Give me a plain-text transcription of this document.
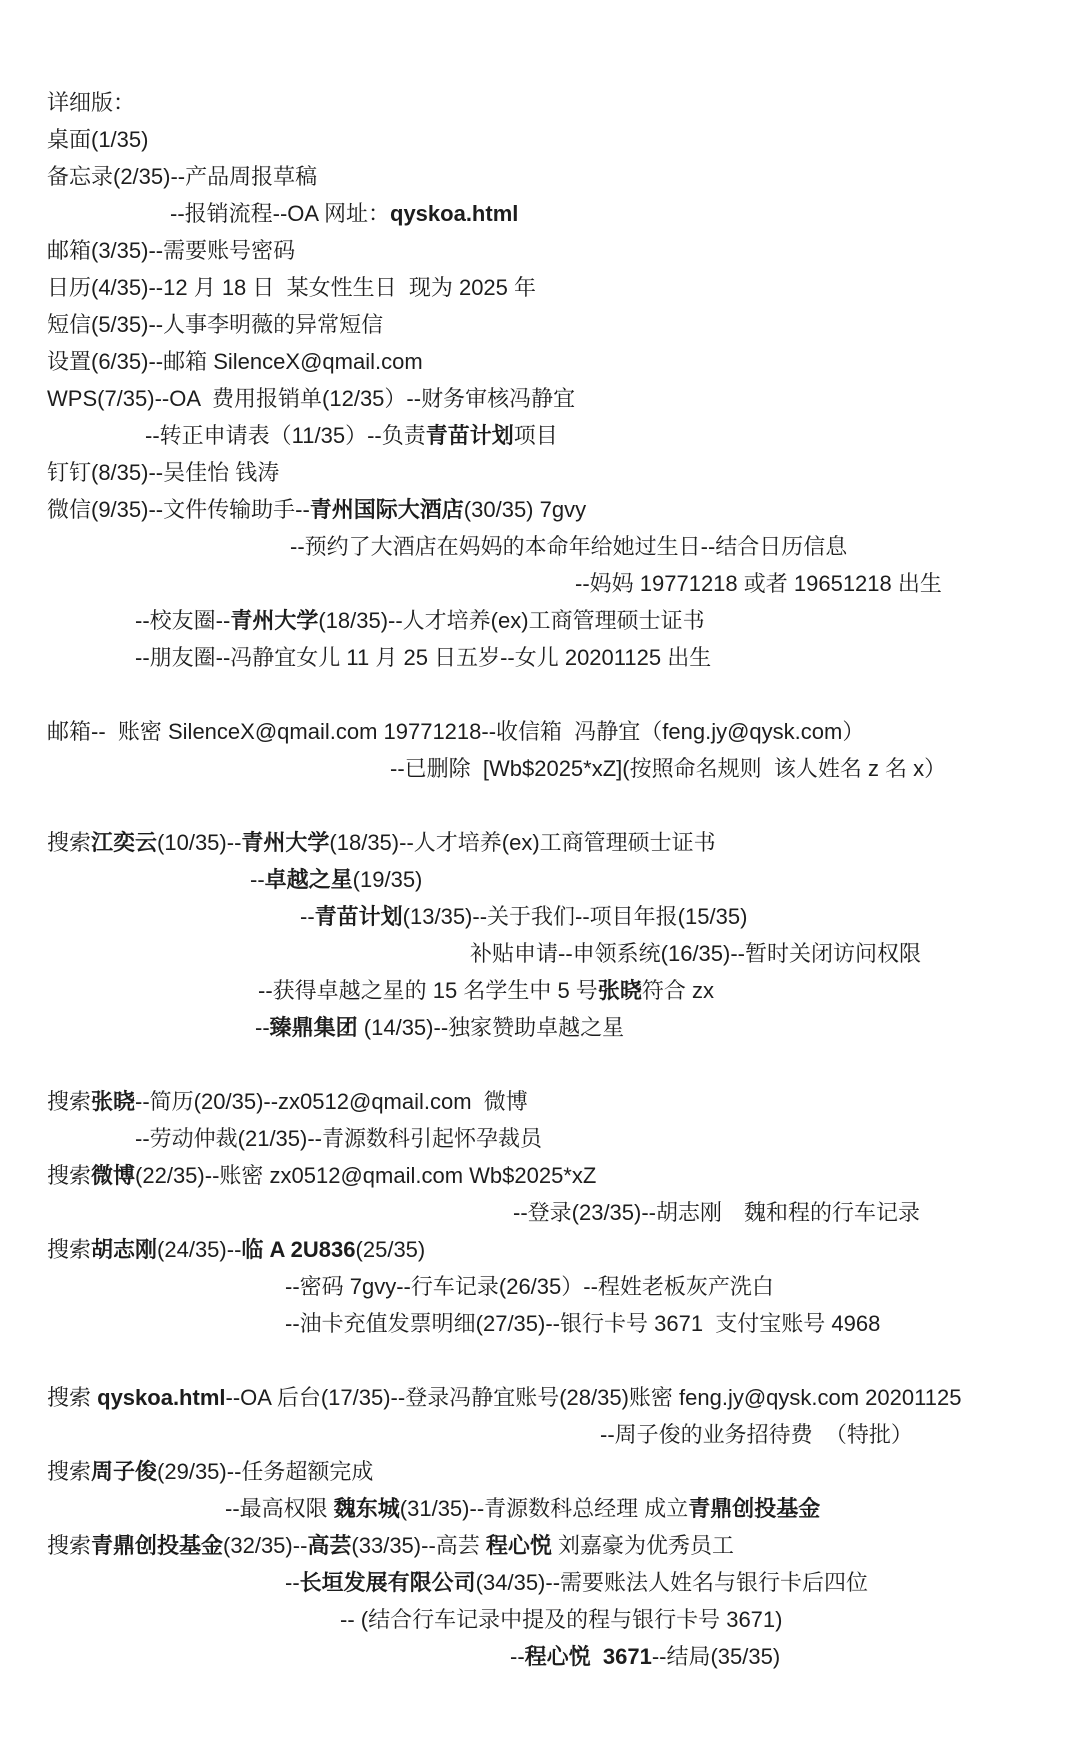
详细版：
桌面(1/35)
备忘录(2/35)--产品周报草稿
--报销流程--OA 网址：qyskoa.html
邮箱(3/35)--需要账号密码
日历(4/35)--12 月 18 日  某女性生日  现为 2025 年
短信(5/35)--人事李明薇的异常短信
设置(6/35)--邮箱 SilenceX@qmail.com
WPS(7/35)--OA  费用报销单(12/35）--财务审核冯静宜
--转正申请表（11/35）--负责青苗计划项目
钉钉(8/35)--吴佳怡 钱涛
微信(9/35)--文件传输助手--青州国际大酒店(30/35) 7gvy
--预约了大酒店在妈妈的本命年给她过生日--结合日历信息
--妈妈 19771218 或者 19651218 出生
--校友圈--青州大学(18/35)--人才培养(ex)工商管理硕士证书
--朋友圈--冯静宜女儿 11 月 25 日五岁--女儿 20201125 出生
邮箱--  账密 SilenceX@qmail.com 19771218--收信箱  冯静宜（feng.jy@qysk.com）
--已删除  [Wb$2025*xZ](按照命名规则  该人姓名 z 名 x）
搜索江奕云(10/35)--青州大学(18/35)--人才培养(ex)工商管理硕士证书
--卓越之星(19/35)
--青苗计划(13/35)--关于我们--项目年报(15/35)
补贴申请--申领系统(16/35)--暂时关闭访问权限
--获得卓越之星的 15 名学生中 5 号张晓符合 zx
--臻鼎集团 (14/35)--独家赞助卓越之星
搜索张晓--简历(20/35)--zx0512@qmail.com  微博
--劳动仲裁(21/35)--青源数科引起怀孕裁员
搜索微博(22/35)--账密 zx0512@qmail.com Wb$2025*xZ
--登录(23/35)--胡志刚　魏和程的行车记录
搜索胡志刚(24/35)--临 A 2U836(25/35)
--密码 7gvy--行车记录(26/35）--程姓老板灰产洗白
--油卡充值发票明细(27/35)--银行卡号 3671  支付宝账号 4968
搜索 qyskoa.html--OA 后台(17/35)--登录冯静宜账号(28/35)账密 feng.jy@qysk.com 20201125
--周子俊的业务招待费  （特批）
搜索周子俊(29/35)--任务超额完成
--最高权限 魏东城(31/35)--青源数科总经理 成立青鼎创投基金
搜索青鼎创投基金(32/35)--高芸(33/35)--高芸 程心悦 刘嘉豪为优秀员工
--长垣发展有限公司(34/35)--需要账法人姓名与银行卡后四位
-- (结合行车记录中提及的程与银行卡号 3671)
--程心悦  3671--结局(35/35)
